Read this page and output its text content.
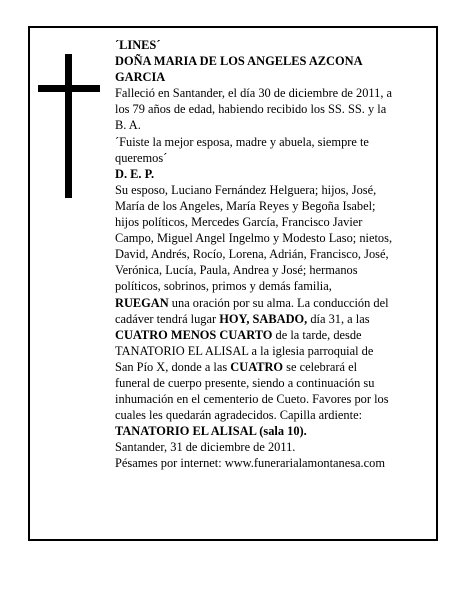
´LINES´
DOÑA MARIA DE LOS ANGELES AZCONA
GARCIA
Falleció en Santander, el día 30 de diciembre de 2011, a
los 79 años de edad, habiendo recibido los SS. SS. y la
B. A.
´Fuiste la mejor esposa, madre y abuela, siempre te
queremos´
D. E. P.
Su esposo, Luciano Fernández Helguera; hijos, José,
María de los Angeles, María Reyes y Begoña Isabel;
hijos políticos, Mercedes García, Francisco Javier
Campo, Miguel Angel Ingelmo y Modesto Laso; nietos,
David, Andrés, Rocío, Lorena, Adrián, Francisco, José,
Verónica, Lucía, Paula, Andrea y José; hermanos
políticos, sobrinos, primos y demás familia,
RUEGAN una oración por su alma. La conducción del
cadáver tendrá lugar HOY, SABADO, día 31, a las
CUATRO MENOS CUARTO de la tarde, desde
TANATORIO EL ALISAL a la iglesia parroquial de
San Pío X, donde a las CUATRO se celebrará el
funeral de cuerpo presente, siendo a continuación su
inhumación en el cementerio de Cueto. Favores por los
cuales les quedarán agradecidos. Capilla ardiente:
TANATORIO EL ALISAL (sala 10).
Santander, 31 de diciembre de 2011.
Pésames por internet: www.funerarialamontanesa.com
